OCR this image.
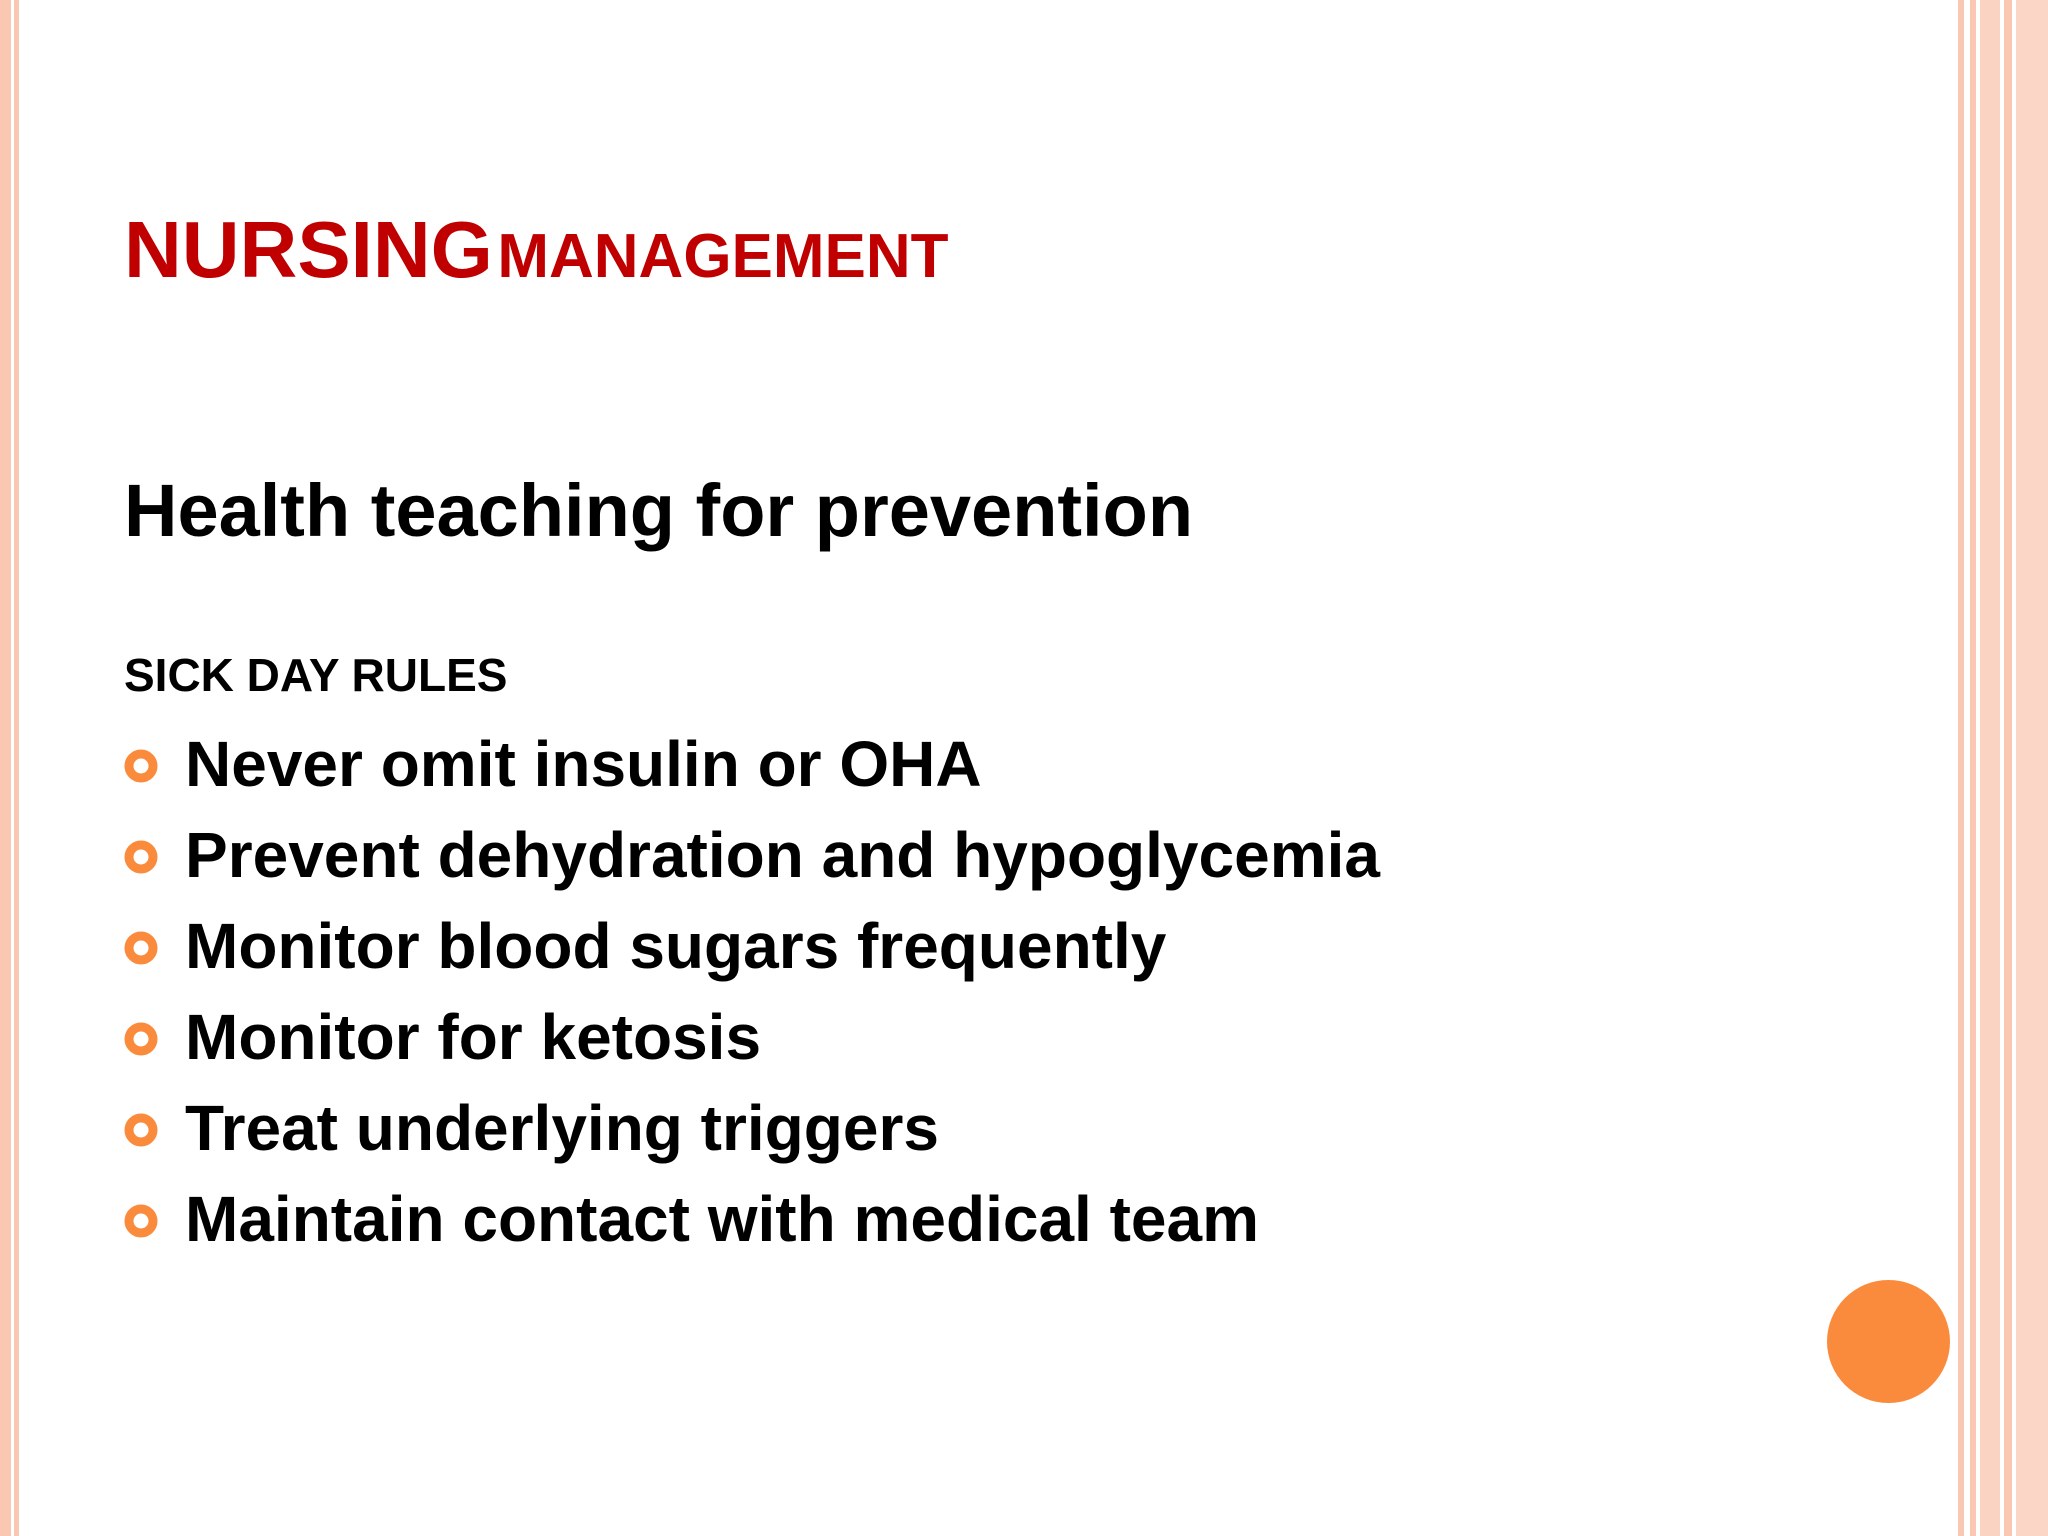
NURSING MANAGEMENT
Health teaching for prevention
SICK DAY RULES
Never omit insulin or OHA
Prevent dehydration and hypoglycemia
Monitor blood sugars frequently
Monitor for ketosis
Treat underlying triggers
Maintain contact with medical team
